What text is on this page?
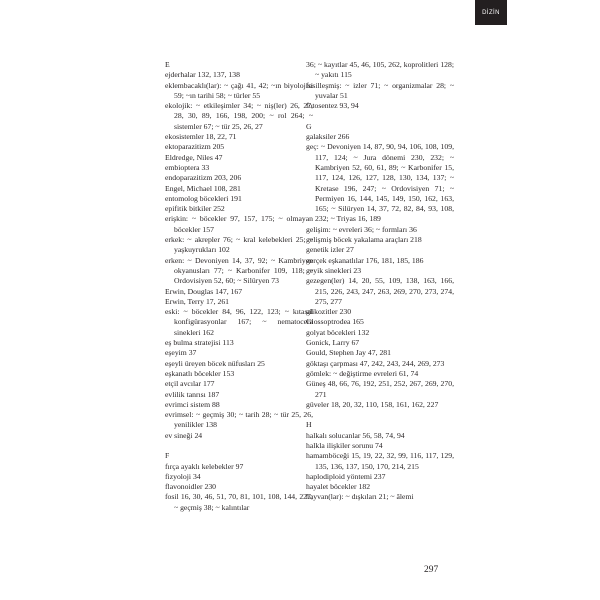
DİZİN
E
ejderhalar 132, 137, 138
eklembacaklı(lar): ~ çağı 41, 42; ~ın biyolojisi 59; ~ın tarihi 58; ~ türler 55
ekolojik: ~ etkileşimler 34; ~ niş(ler) 26, 27, 28, 30, 89, 166, 198, 200; ~ rol 264; ~ sistemler 67; ~ tür 25, 26, 27
ekosistemler 18, 22, 71
ektoparazitizm 205
Eldredge, Niles 47
embioptera 33
endoparazitizm 203, 206
Engel, Michael 108, 281
entomolog böcekleri 191
epifitik bitkiler 252
erişkin: ~ böcekler 97, 157, 175; ~ olmayan böcekler 157
erkek: ~ akrepler 76; ~ kral kelebekleri 25; ~ yaşkuyrukları 102
erken: ~ Devoniyen 14, 37, 92; ~ Kambriyen okyanusları 77; ~ Karbonifer 109, 118; ~ Ordovisiyen 52, 60; ~ Silüryen 73
Erwin, Douglas 147, 167
Erwin, Terry 17, 261
eski: ~ böcekler 84, 96, 122, 123; ~ kıtasal konfigürasyonlar 167; ~ nematocera sinekleri 162
eş bulma stratejisi 113
eşeyim 37
eşeyli üreyen böcek nüfusları 25
eşkanatlı böcekler 153
etçil avcılar 177
evlilik tanrısı 187
evrimci sistem 88
evrimsel: ~ geçmiş 30; ~ tarih 28; ~ tür 25, 26, yenilikler 138
ev sineği 24
F
fırça ayaklı kelebekler 97
fizyoloji 34
flavonoidler 230
fosil 16, 30, 46, 51, 70, 81, 101, 108, 144, 227; ~ geçmiş 38; ~ kalıntılar
36; ~ kayıtlar 45, 46, 105, 262, koprolitleri 128; ~ yakıtı 115
fosilleşmiş: ~ izler 71; ~ organizmalar 28; ~ yuvalar 51
fotosentez 93, 94
G
galaksiler 266
geç: ~ Devoniyen 14, 87, 90, 94, 106, 108, 109, 117, 124; ~ Jura dönemi 230, 232; ~ Kambriyen 52, 60, 61, 89; ~ Karbonifer 15, 117, 124, 126, 127, 128, 130, 134, 137; ~ Kretase 196, 247; ~ Ordovisiyen 71; ~ Permiyen 16, 144, 145, 149, 150, 162, 163, 165; ~ Silüryen 14, 37, 72, 82, 84, 93, 108, 232; ~ Triyas 16, 189
gelişim: ~ evreleri 36; ~ formları 36
gelişmiş böcek yakalama araçları 218
genetik izler 27
gerçek eşkanatlılar 176, 181, 185, 186
geyik sinekleri 23
gezegen(ler) 14, 20, 55, 109, 138, 163, 166, 215, 226, 243, 247, 263, 269, 270, 273, 274, 275, 277
glikozitler 230
Glossoptrodea 165
golyat böcekleri 132
Gonick, Larry 67
Gould, Stephen Jay 47, 281
göktaşı çarpması 47, 242, 243, 244, 269, 273
gömlek: ~ değiştirme evreleri 61, 74
Güneş 48, 66, 76, 192, 251, 252, 267, 269, 270, 271
güveler 18, 20, 32, 110, 158, 161, 162, 227
H
halkalı solucanlar 56, 58, 74, 94
halkla ilişkiler sorunu 74
hamamböceği 15, 19, 22, 32, 99, 116, 117, 129, 135, 136, 137, 150, 170, 214, 215
haplodiploid yöntemi 237
hayalet böcekler 182
hayvan(lar): ~ dışkıları 21; ~ âlemi
297
